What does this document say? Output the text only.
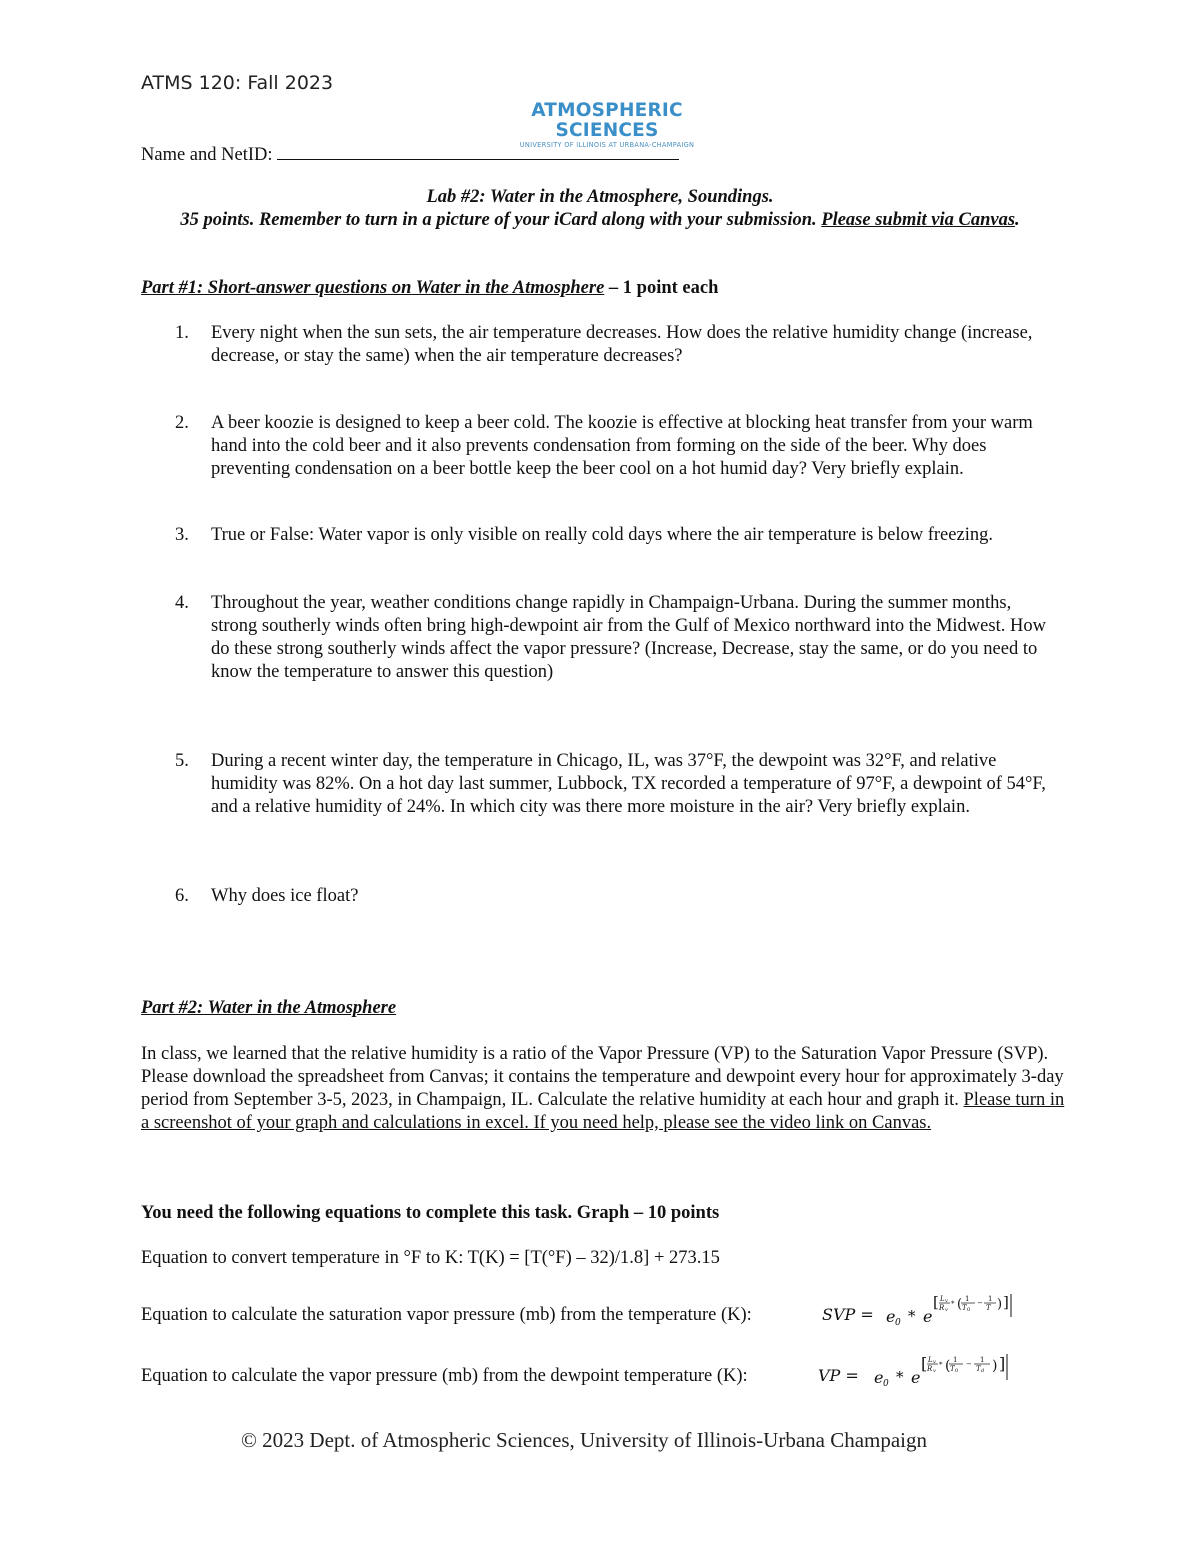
ATMS 120: Fall 2023
ATMOSPHERIC SCIENCES
UNIVERSITY OF ILLINOIS AT URBANA-CHAMPAIGN
Name and NetID:
Lab #2: Water in the Atmosphere, Soundings.
35 points. Remember to turn in a picture of your iCard along with your submission. Please submit via Canvas.
Part #1: Short-answer questions on Water in the Atmosphere – 1 point each
1.	Every night when the sun sets, the air temperature decreases. How does the relative humidity change (increase, decrease, or stay the same) when the air temperature decreases?
2.	A beer koozie is designed to keep a beer cold. The koozie is effective at blocking heat transfer from your warm hand into the cold beer and it also prevents condensation from forming on the side of the beer. Why does preventing condensation on a beer bottle keep the beer cool on a hot humid day? Very briefly explain.
3.	True or False: Water vapor is only visible on really cold days where the air temperature is below freezing.
4.	Throughout the year, weather conditions change rapidly in Champaign-Urbana. During the summer months, strong southerly winds often bring high-dewpoint air from the Gulf of Mexico northward into the Midwest. How do these strong southerly winds affect the vapor pressure? (Increase, Decrease, stay the same, or do you need to know the temperature to answer this question)
5.	During a recent winter day, the temperature in Chicago, IL, was 37°F, the dewpoint was 32°F, and relative humidity was 82%. On a hot day last summer, Lubbock, TX recorded a temperature of 97°F, a dewpoint of 54°F, and a relative humidity of 24%. In which city was there more moisture in the air? Very briefly explain.
6.	Why does ice float?
Part #2: Water in the Atmosphere
In class, we learned that the relative humidity is a ratio of the Vapor Pressure (VP) to the Saturation Vapor Pressure (SVP). Please download the spreadsheet from Canvas; it contains the temperature and dewpoint every hour for approximately 3-day period from September 3-5, 2023, in Champaign, IL. Calculate the relative humidity at each hour and graph it. Please turn in a screenshot of your graph and calculations in excel. If you need help, please see the video link on Canvas.
You need the following equations to complete this task. Graph – 10 points
Equation to convert temperature in °F to K: T(K) = [T(°F) – 32)/1.8] + 273.15
Equation to calculate the saturation vapor pressure (mb) from the temperature (K):	SVP = e 0 * e
[ L v
R v
* ( 1
T 0
− 1
T ) ]
Equation to calculate the vapor pressure (mb) from the dewpoint temperature (K):	VP = e 0 * e
[ L v
R v
* ( 1
T 0
− 1
T d ) ]
© 2023 Dept. of Atmospheric Sciences, University of Illinois-Urbana Champaign
